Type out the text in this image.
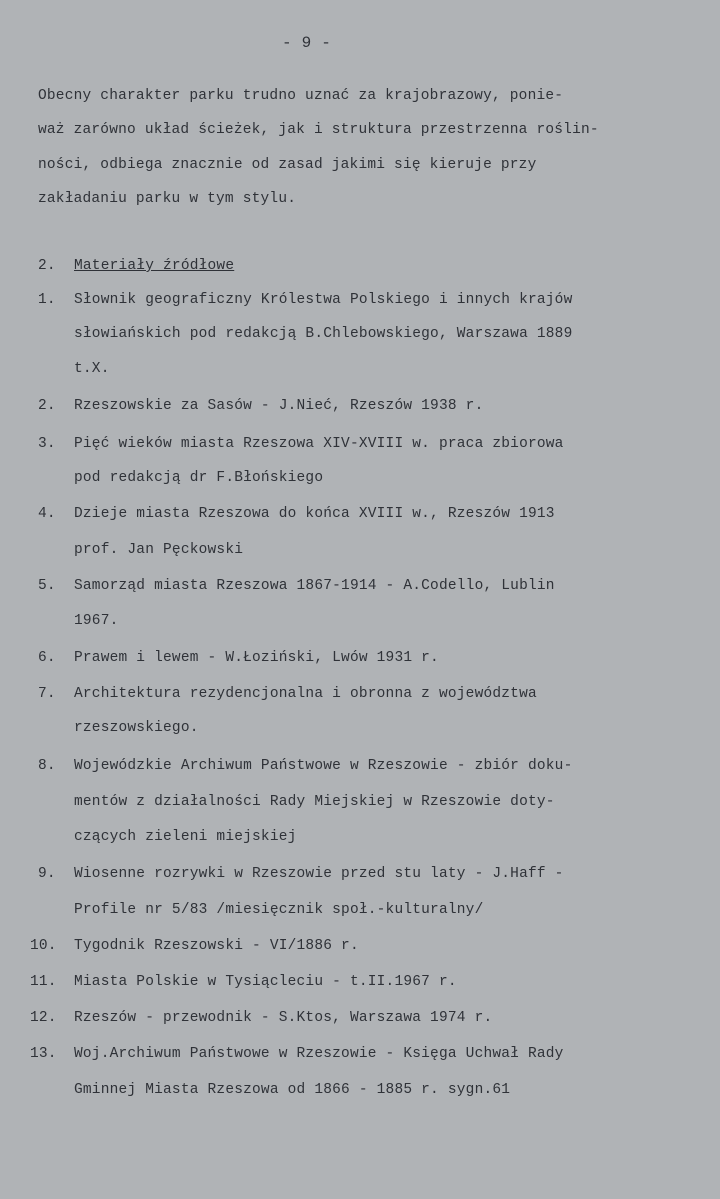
- 9 -
Obecny charakter parku trudno uznać za krajobrazowy, ponie-
waż zarówno układ ścieżek, jak i struktura przestrzenna roślin-
ności, odbiega znacznie od zasad jakimi się kieruje przy
zakładaniu parku w tym stylu.
2. Materiały źródłowe
1. Słownik geograficzny Królestwa Polskiego i innych krajów
słowiańskich pod redakcją B.Chlebowskiego, Warszawa 1889
t.X.
2. Rzeszowskie za Sasów - J.Nieć, Rzeszów 1938 r.
3. Pięć wieków miasta Rzeszowa XIV-XVIII w. praca zbiorowa
pod redakcją dr F.Błońskiego
4. Dzieje miasta Rzeszowa do końca XVIII w., Rzeszów 1913
prof. Jan Pęckowski
5. Samorząd miasta Rzeszowa 1867-1914 - A.Codello, Lublin
1967.
6. Prawem i lewem - W.Łoziński, Lwów 1931 r.
7. Architektura rezydencjonalna i obronna z województwa
rzeszowskiego.
8. Wojewódzkie Archiwum Państwowe w Rzeszowie - zbiór doku-
mentów z działalności Rady Miejskiej w Rzeszowie doty-
czących zieleni miejskiej
9. Wiosenne rozrywki w Rzeszowie przed stu laty - J.Haff -
Profile nr 5/83 /miesięcznik społ.-kulturalny/
10. Tygodnik Rzeszowski - VI/1886 r.
11. Miasta Polskie w Tysiącleciu - t.II.1967 r.
12. Rzeszów - przewodnik - S.Ktos, Warszawa 1974 r.
13. Woj.Archiwum Państwowe w Rzeszowie - Księga Uchwał Rady
Gminnej Miasta Rzeszowa od 1866 - 1885 r. sygn.61
